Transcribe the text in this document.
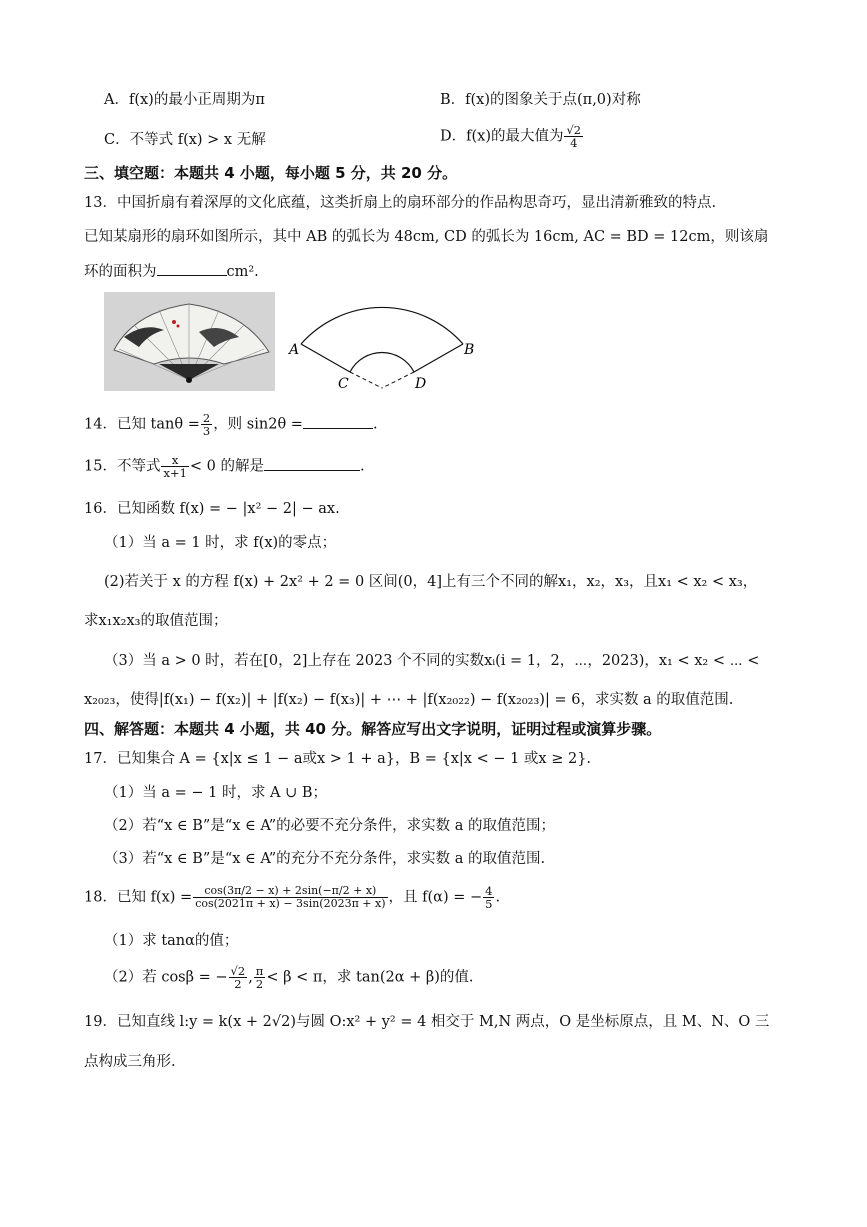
A．f(x)的最小正周期为π	B．f(x)的图象关于点(π,0)对称
C．不等式 f(x) > x 无解	D．f(x)的最大值为 $\frac{√2}{4}$
三、填空题：本题共 4 小题，每小题 5 分，共 20 分。
13．中国折扇有着深厚的文化底蕴，这类折扇上的扇环部分的作品构思奇巧，显出清新雅致的特点.
已知某扇形的扇环如图所示，其中 AB 的弧长为 48cm, CD 的弧长为 16cm, AC = BD = 12cm，则该扇
环的面积为	cm².
A	B
C	D
14．已知 $\tan\theta = \frac{2}{3}$ ，则 sin2θ =	.
15．不等式 $\frac{x}{x+1} < 0$ 的解是	.
16．已知函数 f(x) = − |x² − 2| − ax.
（1）当 a = 1 时，求 f(x)的零点；
(2)若关于 x 的方程 f(x) + 2x² + 2 = 0 区间(0，4]上有三个不同的解x₁，x₂，x₃，且x₁ < x₂ < x₃，
求x₁x₂x₃的取值范围；
（3）当 a > 0 时，若在[0，2]上存在 2023 个不同的实数xᵢ(i = 1，2，⋯，2023)，x₁ < x₂ < ⋯ <
x₂₀₂₃，使得|f(x₁) − f(x₂)| + |f(x₂) − f(x₃)| + ⋯ + |f(x₂₀₂₂) − f(x₂₀₂₃)| = 6，求实数 a 的取值范围.
四、解答题：本题共 4 小题，共 40 分。解答应写出文字说明，证明过程或演算步骤。
17．已知集合 A = {x|x ≤ 1 − a或x > 1 + a}，B = {x|x < − 1 或x ≥ 2}.
（1）当 a = − 1 时，求 A ∪ B；
（2）若“x ∈ B”是“x ∈ A”的必要不充分条件，求实数 a 的取值范围；
（3）若“x ∈ B”是“x ∈ A”的充分不充分条件，求实数 a 的取值范围.
18．已知 $f(x) = \frac{\cos(3\pi/2 - x) + 2\sin(-\pi/2 + x)}{\cos(2021\pi + x) - 3\sin(2023\pi + x)}$ ，且 f(α) = − $\frac{4}{5}$ .
（1）求 tanα的值；
（2）若 cosβ = − $\frac{√2}{2}$ , $\frac{\pi}{2} < \beta < \pi$，求 tan(2α + β)的值.
19．已知直线 l:y = k(x + 2√2)与圆 O:x² + y² = 4 相交于 M,N 两点，O 是坐标原点，且 M、N、O 三
点构成三角形.
